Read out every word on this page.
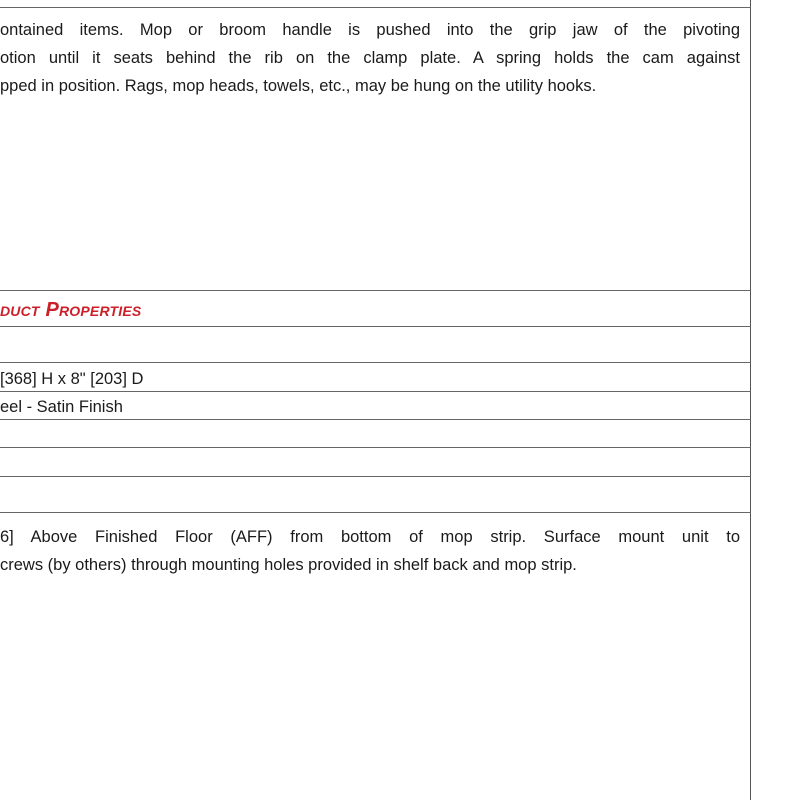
ontained items. Mop or broom handle is pushed into the grip jaw of the pivoting
otion until it seats behind the rib on the clamp plate. A spring holds the cam against
pped in position. Rags, mop heads, towels, etc., may be hung on the utility hooks.
duct Properties
[368] H x 8" [203] D
eel - Satin Finish
6] Above Finished Floor (AFF) from bottom of mop strip. Surface mount unit to
crews (by others) through mounting holes provided in shelf back and mop strip.
